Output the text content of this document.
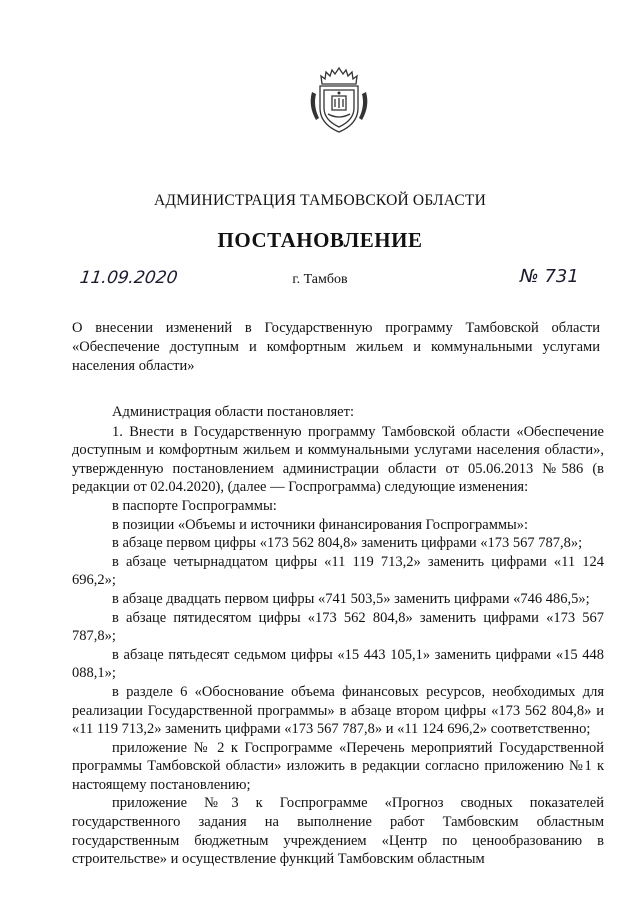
АДМИНИСТРАЦИЯ ТАМБОВСКОЙ ОБЛАСТИ
ПОСТАНОВЛЕНИЕ
11.09.2020	г. Тамбов	№ 731
О внесении изменений в Государственную программу Тамбовской области «Обеспечение доступным и комфортным жильем и коммунальными услугами населения области»

Администрация области постановляет:

1. Внести в Государственную программу Тамбовской области «Обеспечение доступным и комфортным жильем и коммунальными услугами населения области», утвержденную постановлением администрации области от 05.06.2013 №586 (в редакции от 02.04.2020), (далее — Госпрограмма) следующие изменения:

в паспорте Госпрограммы:

в позиции «Объемы и источники финансирования Госпрограммы»:

в абзаце первом цифры «173 562 804,8» заменить цифрами «173 567 787,8»;

в абзаце четырнадцатом цифры «11 119 713,2» заменить цифрами «11 124 696,2»;

в абзаце двадцать первом цифры «741 503,5» заменить цифрами «746 486,5»;

в абзаце пятидесятом цифры «173 562 804,8» заменить цифрами «173 567 787,8»;

в абзаце пятьдесят седьмом цифры «15 443 105,1» заменить цифрами «15 448 088,1»;

в разделе 6 «Обоснование объема финансовых ресурсов, необходимых для реализации Государственной программы» в абзаце втором цифры «173 562 804,8» и «11 119 713,2» заменить цифрами «173 567 787,8» и «11 124 696,2» соответственно;

приложение № 2 к Госпрограмме «Перечень мероприятий Государственной программы Тамбовской области» изложить в редакции согласно приложению №1 к настоящему постановлению;

приложение №3 к Госпрограмме «Прогноз сводных показателей государственного задания на выполнение работ Тамбовским областным государственным бюджетным учреждением «Центр по ценообразованию в строительстве» и осуществление функций Тамбовским областным
